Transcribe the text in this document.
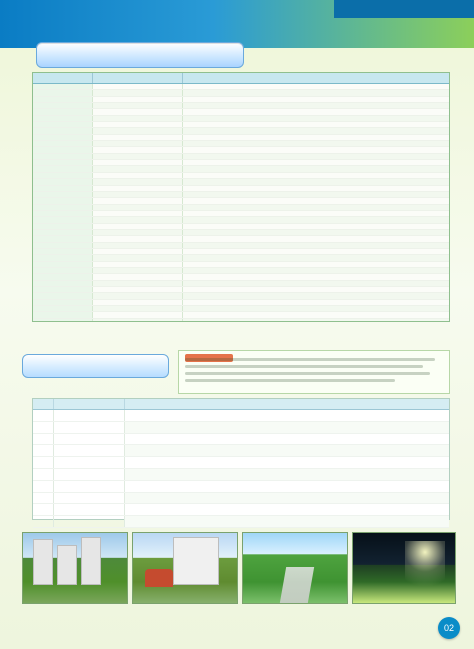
02
